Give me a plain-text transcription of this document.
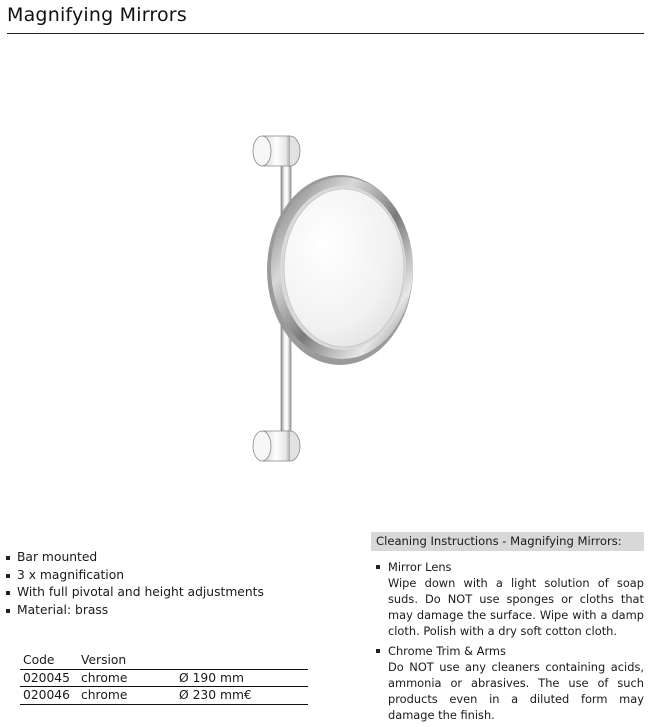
Magnifying Mirrors
Bar mounted
3 x magnification
With full pivotal and height adjustments
Material: brass
Code	Version	
020045	chrome	Ø 190 mm
020046	chrome	Ø 230 mm€
Cleaning Instructions - Magnifying Mirrors:
Mirror Lens
Wipe down with a light solution of soap suds. Do NOT use sponges or cloths that may damage the surface. Wipe with a damp cloth. Polish with a dry soft cotton cloth.
Chrome Trim & Arms
Do NOT use any cleaners containing acids, ammonia or abrasives. The use of such products even in a diluted form may damage the finish.
